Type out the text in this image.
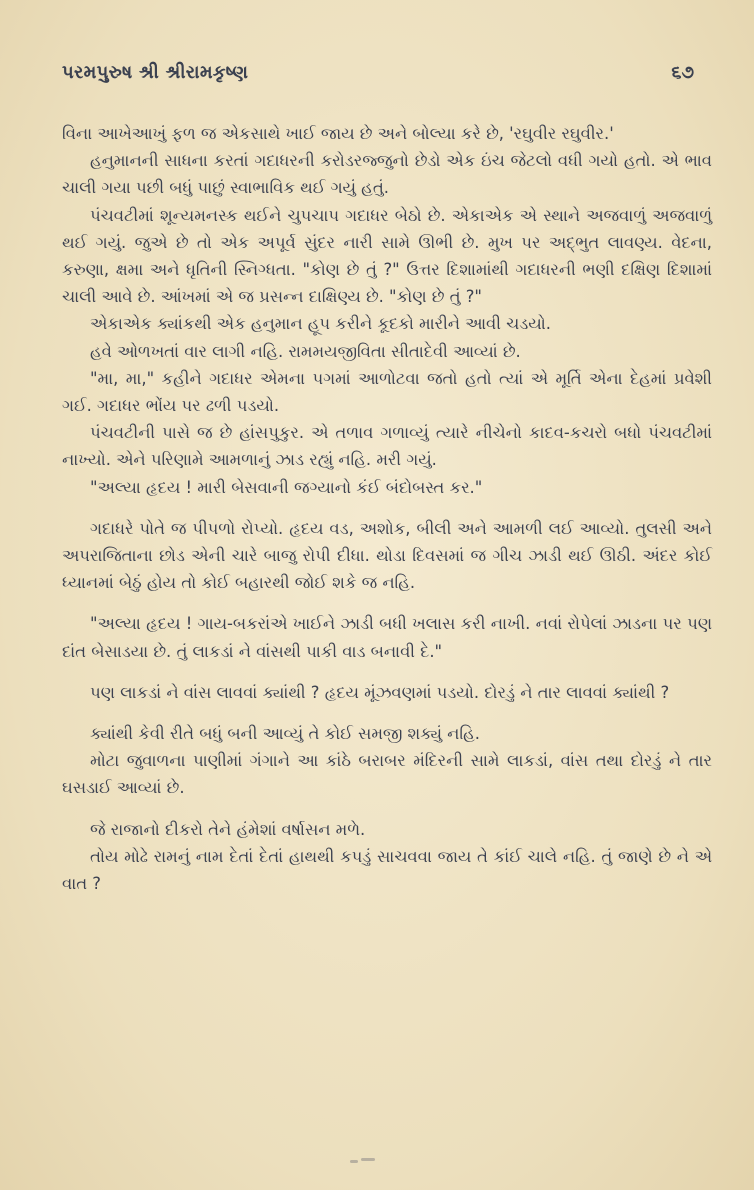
પરમપુરુષ શ્રી શ્રીરામકૃષ્ણ	૬૭

વિના આખેઆખું ફળ જ એકસાથે ખાઈ જાય છે અને બોલ્યા કરે છે, 'રઘુવીર રઘુવીર.'

હનુમાનની સાધના કરતાં ગદાધરની કરોડરજ્જુનો છેડો એક ઇંચ જેટલો વધી ગયો હતો. એ ભાવ ચાલી ગયા પછી બધું પાછું સ્વાભાવિક થઈ ગયું હતું.

પંચવટીમાં શૂન્યમનસ્ક થઈને ચુપચાપ ગદાધર બેઠો છે. એકાએક એ સ્થાને અજવાળું અજવાળું થઈ ગયું. જુએ છે તો એક અપૂર્વ સુંદર નારી સામે ઊભી છે. મુખ પર અદ્ભુત લાવણ્ય. વેદના, કરુણા, ક્ષમા અને ધૃતિની સ્નિગ્ધતા. "કોણ છે તું ?" ઉત્તર દિશામાંથી ગદાધરની ભણી દક્ષિણ દિશામાં ચાલી આવે છે. આંખમાં એ જ પ્રસન્ન દાક્ષિણ્ય છે. "કોણ છે તું ?"

એકાએક ક્યાંકથી એક હનુમાન હૂપ કરીને કૂદકો મારીને આવી ચડયો.

હવે ઓળખતાં વાર લાગી નહિ. રામમયજીવિતા સીતાદેવી આવ્યાં છે.

"મા, મા," કહીને ગદાધર એમના પગમાં આળોટવા જતો હતો ત્યાં એ મૂર્તિ એના દેહમાં પ્રવેશી ગઈ. ગદાધર ભોંય પર ઢળી પડયો.

પંચવટીની પાસે જ છે હાંસપુકુર. એ તળાવ ગળાવ્યું ત્યારે નીચેનો કાદવ-કચરો બધો પંચવટીમાં નાખ્યો. એને પરિણામે આમળાનું ઝાડ રહ્યું નહિ. મરી ગયું.

"અલ્યા હૃદય ! મારી બેસવાની જગ્યાનો કંઈ બંદોબસ્ત કર."

ગદાધરે પોતે જ પીપળો રોપ્યો. હૃદય વડ, અશોક, બીલી અને આમળી લઈ આવ્યો. તુલસી અને અપરાજિતાના છોડ એની ચારે બાજુ રોપી દીધા. થોડા દિવસમાં જ ગીચ ઝાડી થઈ ઊઠી. અંદર કોઈ ધ્યાનમાં બેઠું હોય તો કોઈ બહારથી જોઈ શકે જ નહિ.

"અલ્યા હૃદય ! ગાય-બકરાંએ ખાઈને ઝાડી બધી ખલાસ કરી નાખી. નવાં રોપેલાં ઝાડના પર પણ દાંત બેસાડયા છે. તું લાકડાં ને વાંસથી પાકી વાડ બનાવી દે."

પણ લાકડાં ને વાંસ લાવવાં ક્યાંથી ? હૃદય મૂંઝવણમાં પડયો. દોરડું ને તાર લાવવાં ક્યાંથી ?

ક્યાંથી કેવી રીતે બધું બની આવ્યું તે કોઈ સમજી શક્યું નહિ.

મોટા જુવાળના પાણીમાં ગંગાને આ કાંઠે બરાબર મંદિરની સામે લાકડાં, વાંસ તથા દોરડું ને તાર ઘસડાઈ આવ્યાં છે.

જે રાજાનો દીકરો તેને હંમેશાં વર્ષાસન મળે.

તોય મોઢે રામનું નામ દેતાં દેતાં હાથથી કપડું સાચવવા જાય તે કાંઈ ચાલે નહિ. તું જાણે છે ને એ વાત ?
